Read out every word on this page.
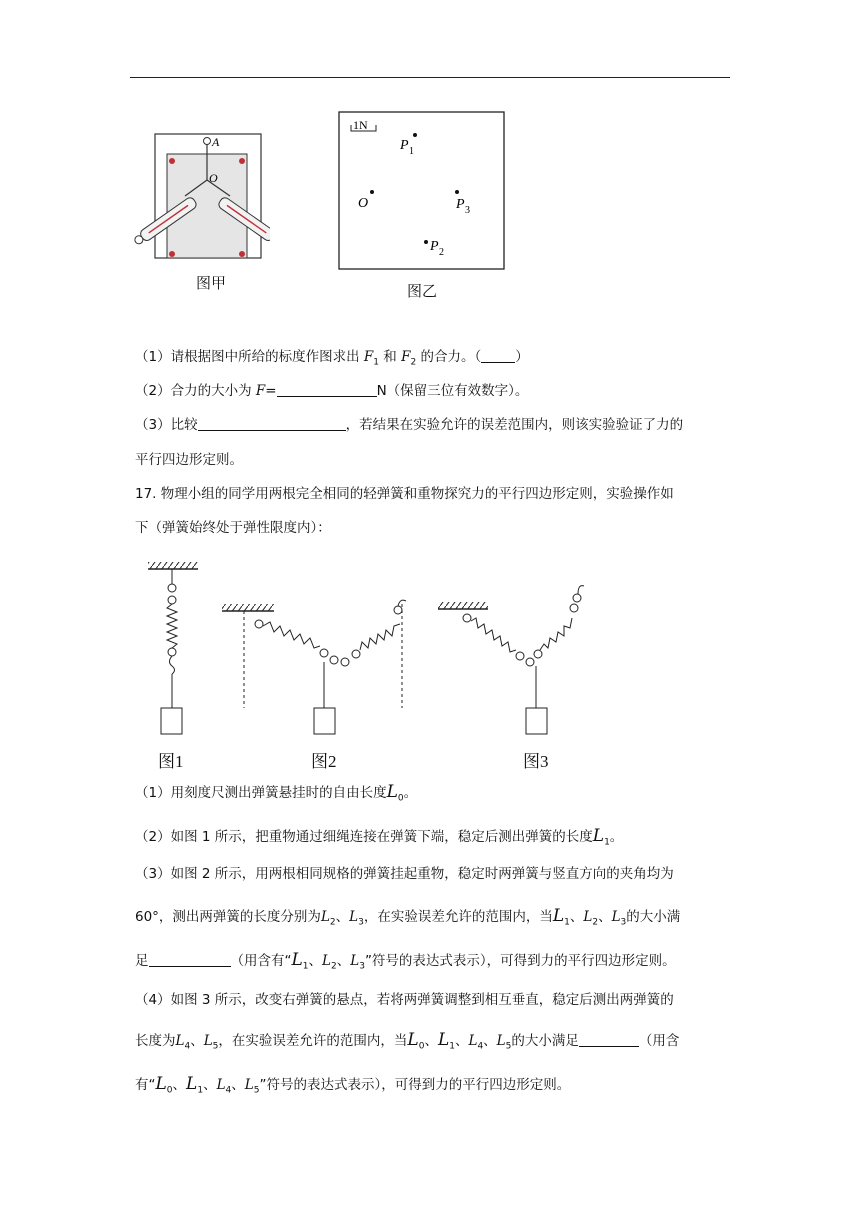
A
O
图甲
1N
P 1
O	P 3
P 2
图乙
（1）请根据图中所给的标度作图求出 $F_1$ 和 $F_2$ 的合力。（	）
（2）合力的大小为 F=	N（保留三位有效数字）。
（3）比较	，若结果在实验允许的误差范围内，则该实验验证了力的
平行四边形定则。
17. 物理小组的同学用两根完全相同的轻弹簧和重物探究力的平行四边形定则，实验操作如
下（弹簧始终处于弹性限度内）：
图1	图2	图3
（1）用刻度尺测出弹簧悬挂时的自由长度$L_0$。
（2）如图 1 所示，把重物通过细绳连接在弹簧下端，稳定后测出弹簧的长度$L_1$。
（3）如图 2 所示，用两根相同规格的弹簧挂起重物，稳定时两弹簧与竖直方向的夹角均为
60°，测出两弹簧的长度分别为$L_2$、$L_3$，在实验误差允许的范围内，当$L_1$、$L_2$、$L_3$的大小满
足	（用含有“$L_1$、$L_2$、$L_3$”符号的表达式表示），可得到力的平行四边形定则。
（4）如图 3 所示，改变右弹簧的悬点，若将两弹簧调整到相互垂直，稳定后测出两弹簧的
长度为$L_4$、$L_5$，在实验误差允许的范围内，当$L_0$、$L_1$、$L_4$、$L_5$的大小满足	（用含
有“$L_0$、$L_1$、$L_4$、$L_5$”符号的表达式表示），可得到力的平行四边形定则。
